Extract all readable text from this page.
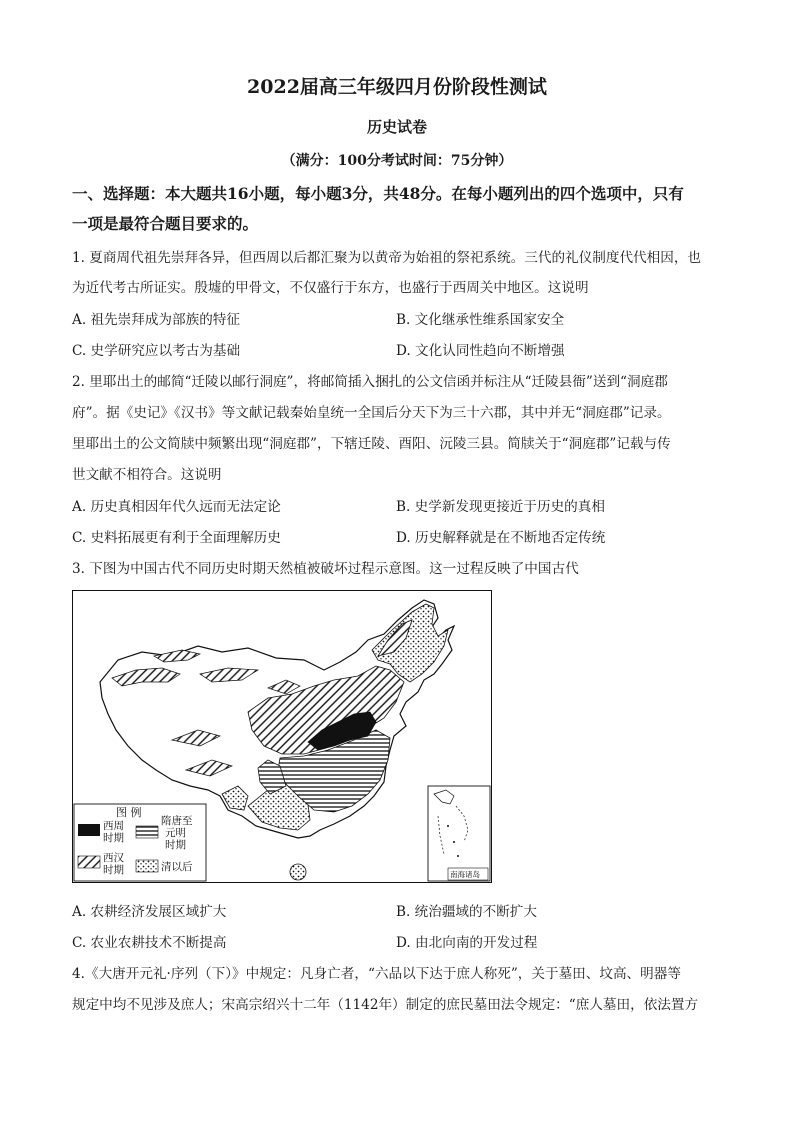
2022届高三年级四月份阶段性测试
历史试卷
（满分：100分考试时间：75分钟）
一、选择题：本大题共16小题，每小题3分，共48分。在每小题列出的四个选项中，只有
一项是最符合题目要求的。
1. 夏商周代祖先崇拜各异，但西周以后都汇聚为以黄帝为始祖的祭祀系统。三代的礼仪制度代代相因，也
为近代考古所证实。殷墟的甲骨文，不仅盛行于东方，也盛行于西周关中地区。这说明
A. 祖先崇拜成为部族的特征	B. 文化继承性维系国家安全
C. 史学研究应以考古为基础	D. 文化认同性趋向不断增强
2. 里耶出土的邮简“迁陵以邮行洞庭”，将邮简插入捆扎的公文信函并标注从“迁陵县衙”送到“洞庭郡
府”。据《史记》《汉书》等文献记载秦始皇统一全国后分天下为三十六郡，其中并无“洞庭郡”记录。
里耶出土的公文简牍中频繁出现“洞庭郡”，下辖迁陵、酉阳、沅陵三县。简牍关于“洞庭郡”记载与传
世文献不相符合。这说明
A. 历史真相因年代久远而无法定论	B. 史学新发现更接近于历史的真相
C. 史料拓展更有利于全面理解历史	D. 历史解释就是在不断地否定传统
3. 下图为中国古代不同历史时期天然植被破坏过程示意图。这一过程反映了中国古代
图 例
西周
时期
隋唐至
元明
时期
西汉
时期	清以后
南海诸岛
A. 农耕经济发展区域扩大	B. 统治疆域的不断扩大
C. 农业农耕技术不断提高	D. 由北向南的开发过程
4.《大唐开元礼·序列（下）》中规定：凡身亡者，“六品以下达于庶人称死”，关于墓田、坟高、明器等
规定中均不见涉及庶人；宋高宗绍兴十二年（1142年）制定的庶民墓田法令规定：“庶人墓田，依法置方
